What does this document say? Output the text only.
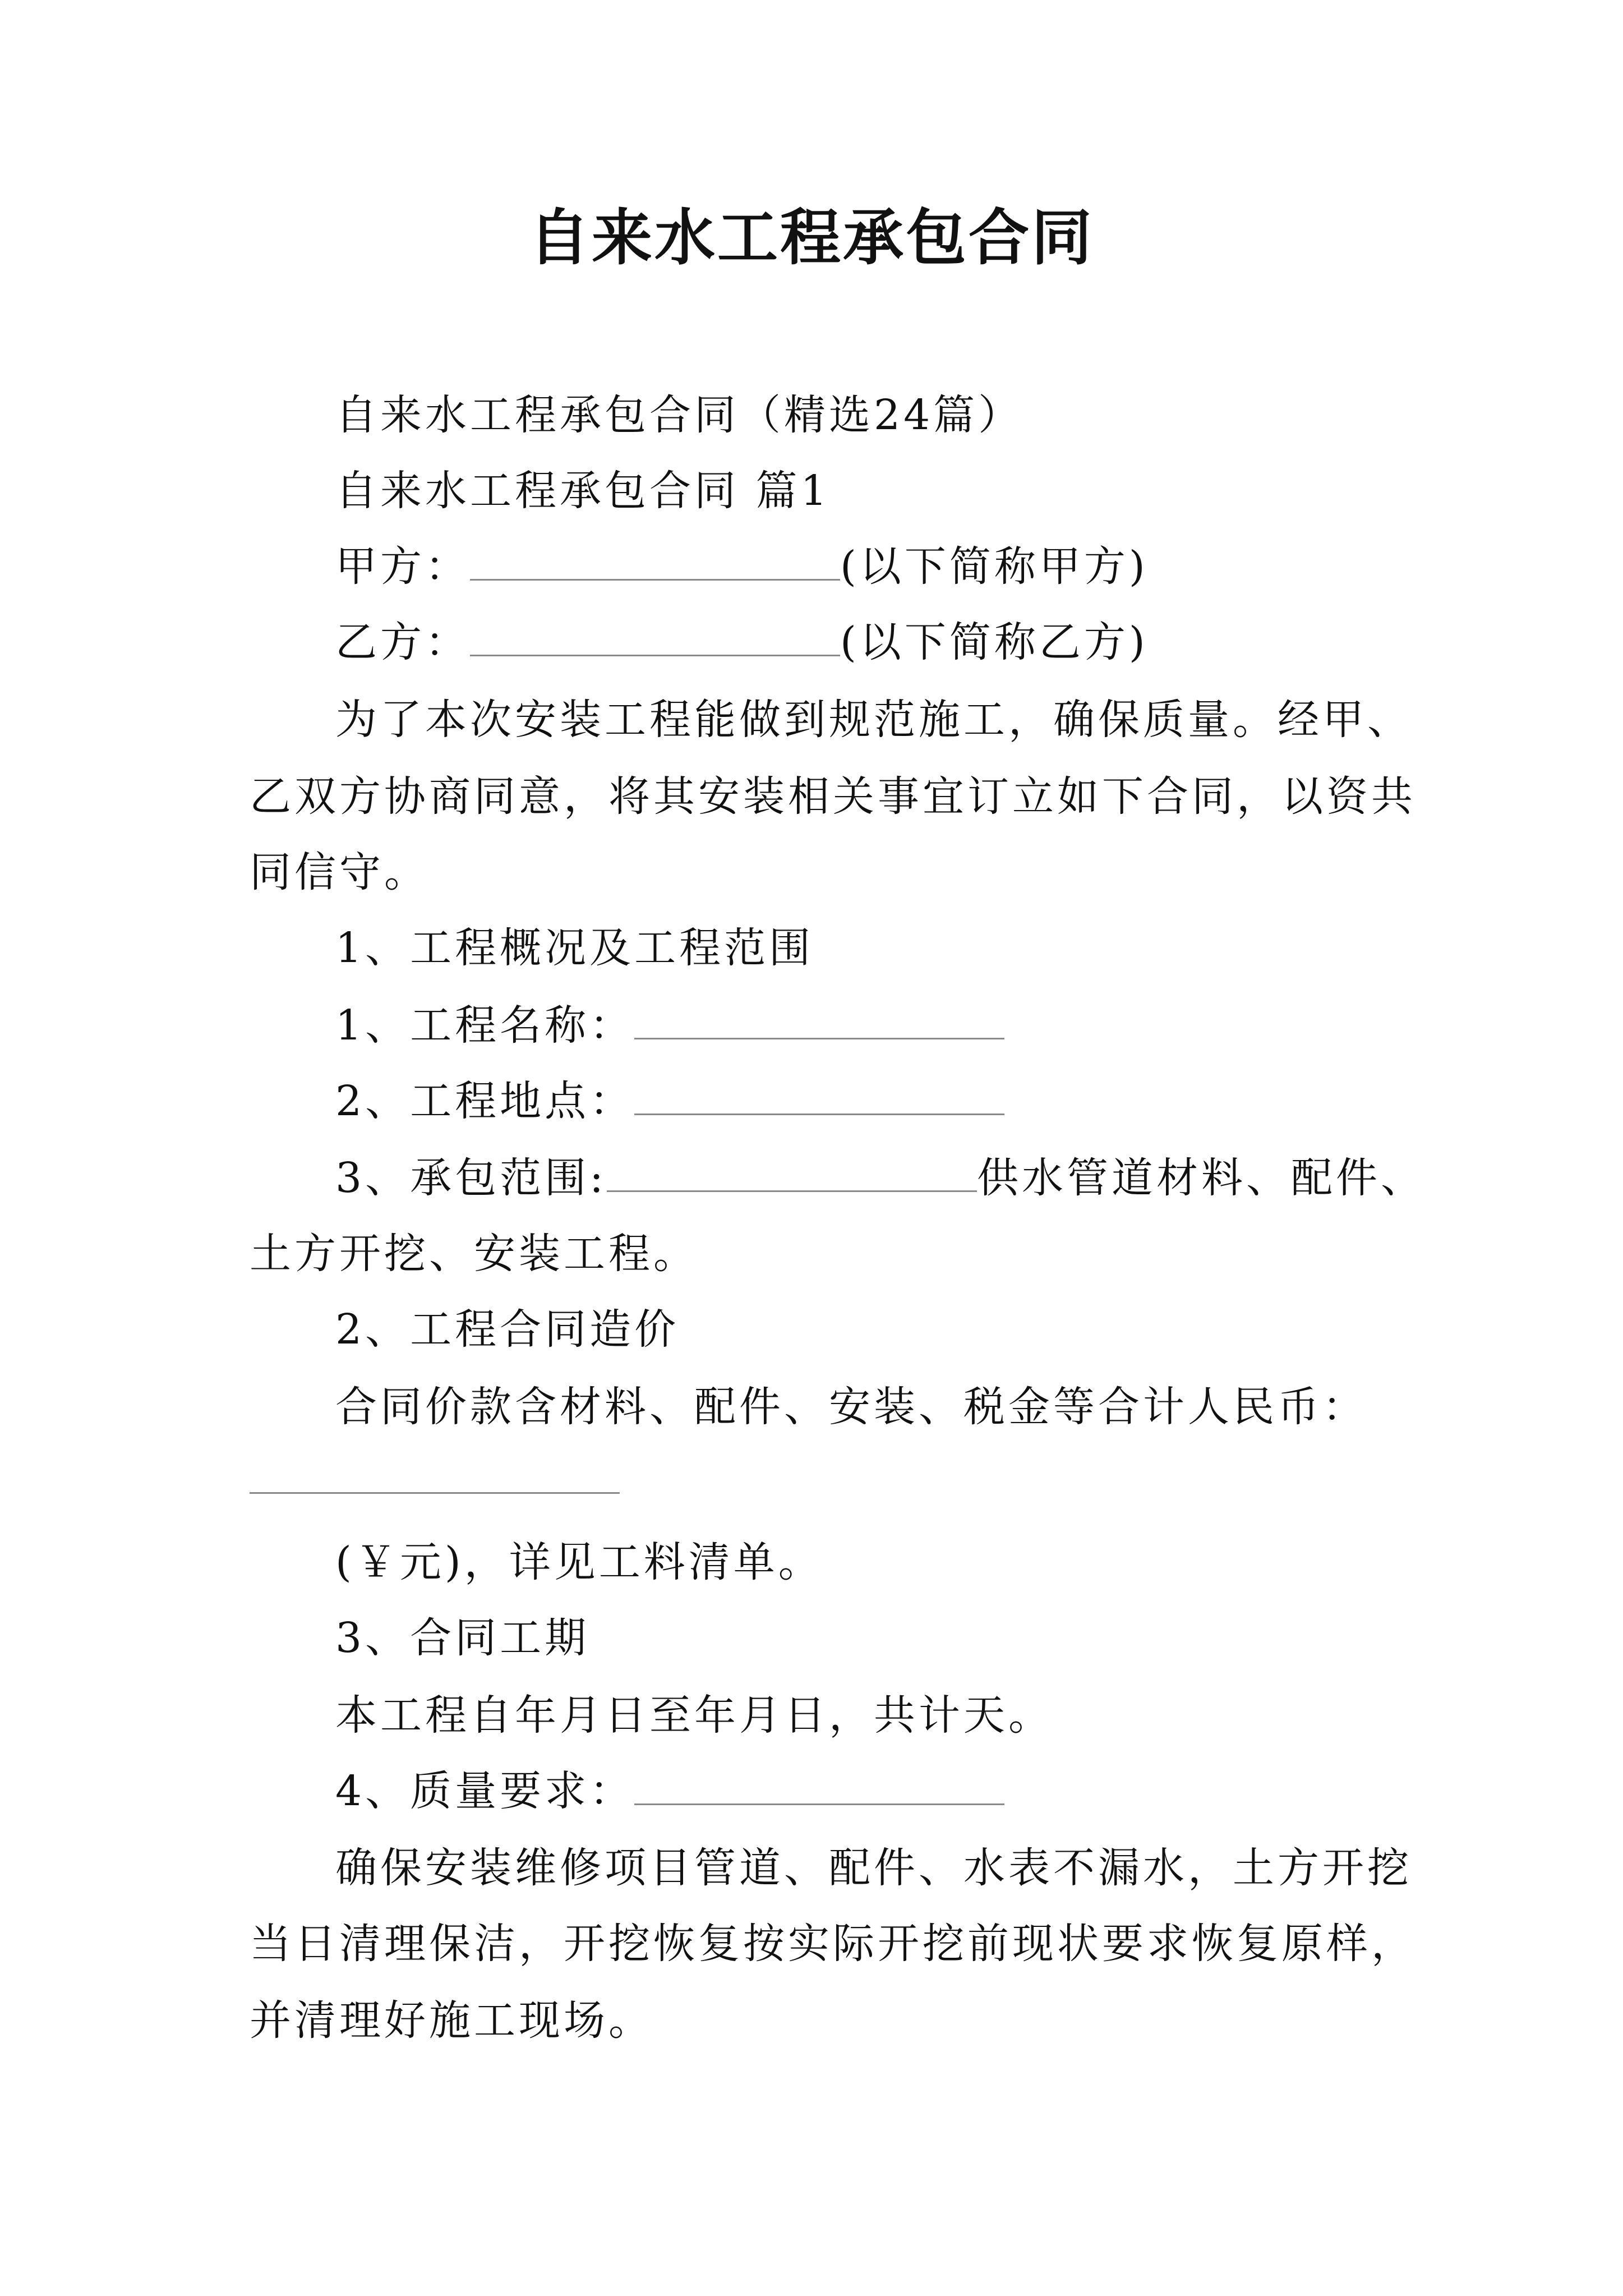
自来水工程承包合同
自来水工程承包合同（精选24篇）
自来水工程承包合同 篇1
甲方：	(以下简称甲方)
乙方：	(以下简称乙方)
为了本次安装工程能做到规范施工，确保质量。经甲、
乙双方协商同意，将其安装相关事宜订立如下合同，以资共
同信守。
1、工程概况及工程范围
1、工程名称：
2、工程地点：
3、承包范围:	供水管道材料、配件、
土方开挖、安装工程。
2、工程合同造价
合同价款含材料、配件、安装、税金等合计人民币：
(￥元)，详见工料清单。
3、合同工期
本工程自年月日至年月日，共计天。
4、质量要求：
确保安装维修项目管道、配件、水表不漏水，土方开挖
当日清理保洁，开挖恢复按实际开挖前现状要求恢复原样，
并清理好施工现场。
